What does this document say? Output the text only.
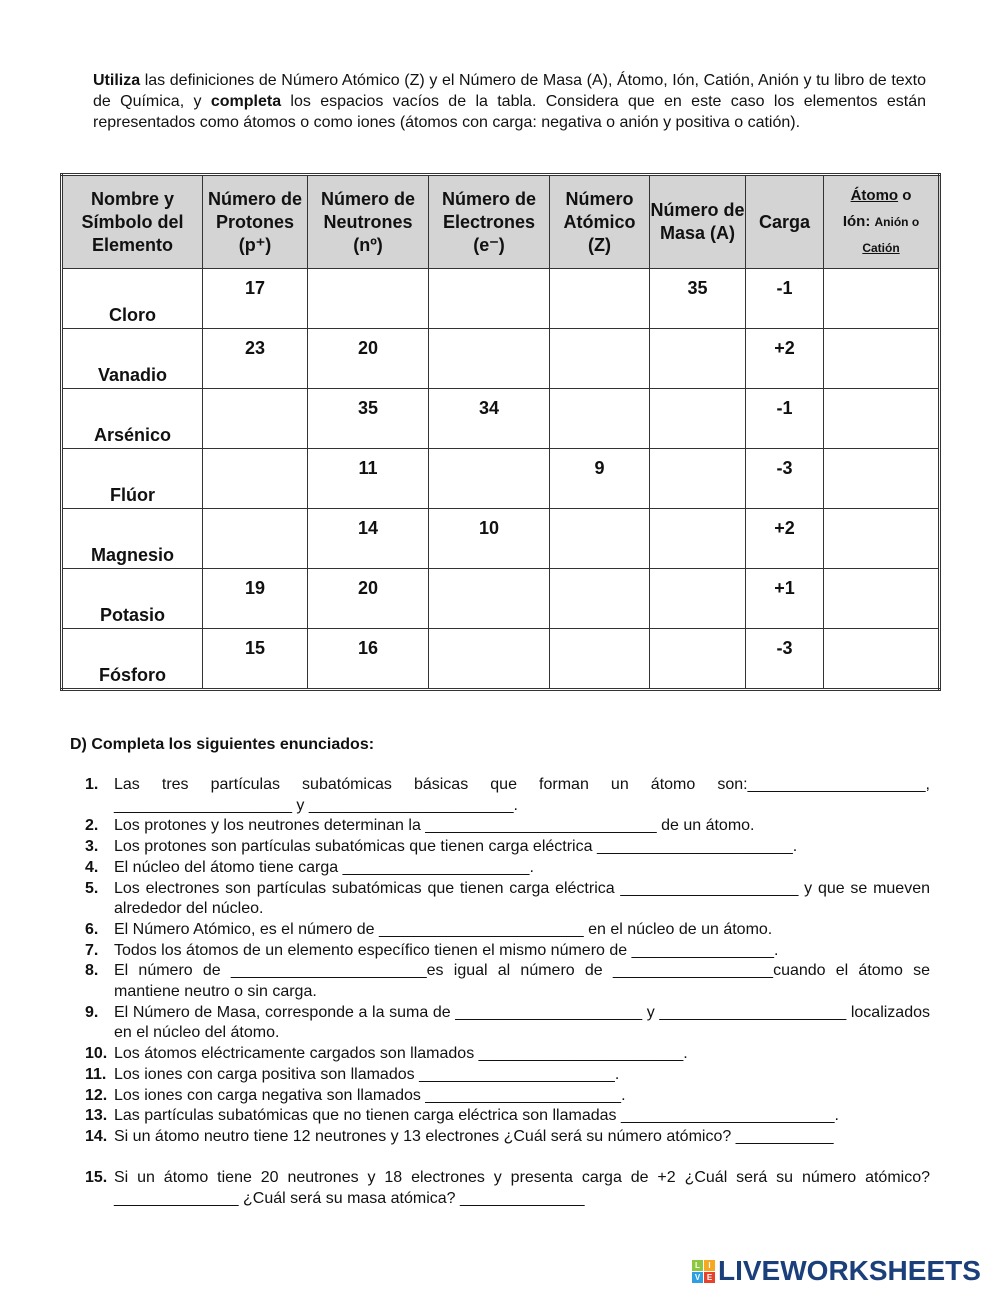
Utiliza las definiciones de Número Atómico (Z) y el Número de Masa (A), Átomo, Ión, Catión, Anión y tu libro de texto de Química, y completa los espacios vacíos de la tabla. Considera que en este caso los elementos están representados como átomos o como iones (átomos con carga: negativa o anión y positiva o catión).

Nombre y Símbolo del Elemento	Número de Protones (p⁺)	Número de Neutrones (nº)	Número de Electrones (e⁻)	Número Atómico (Z)	Número de Masa (A)	Carga	Átomo o
Ión: Anión o
Catión

Cloro	17				35	-1	

Vanadio	23	20				+2	

Arsénico		35	34			-1	

Flúor		11		9		-3	

Magnesio		14	10			+2	

Potasio	19	20				+1	

Fósforo	15	16				-3	

D) Completa los siguientes enunciados:
1. Las tres partículas subatómicas básicas que forman un átomo son:____________________, ____________________ y _______________________.
2. Los protones y los neutrones determinan la __________________________ de un átomo.
3. Los protones son partículas subatómicas que tienen carga eléctrica ______________________.
4. El núcleo del átomo tiene carga _____________________.
5. Los electrones son partículas subatómicas que tienen carga eléctrica ____________________ y que se mueven alrededor del núcleo.
6. El Número Atómico, es el número de _______________________ en el núcleo de un átomo.
7. Todos los átomos de un elemento específico tienen el mismo número de ________________.
8. El número de ______________________es igual al número de __________________cuando el átomo se mantiene neutro o sin carga.
9. El Número de Masa, corresponde a la suma de _____________________ y _____________________ localizados en el núcleo del átomo.
10. Los átomos eléctricamente cargados son llamados _______________________.
11. Los iones con carga positiva son llamados ______________________.
12. Los iones con carga negativa son llamados ______________________.
13. Las partículas subatómicas que no tienen carga eléctrica son llamadas ________________________.
14. Si un átomo neutro tiene 12 neutrones y 13 electrones ¿Cuál será su número atómico? ___________
15. Si un átomo tiene 20 neutrones y 18 electrones y presenta carga de +2 ¿Cuál será su número atómico? ______________ ¿Cuál será su masa atómica? ______________
L	I
V E LIVEWORKSHEETS
